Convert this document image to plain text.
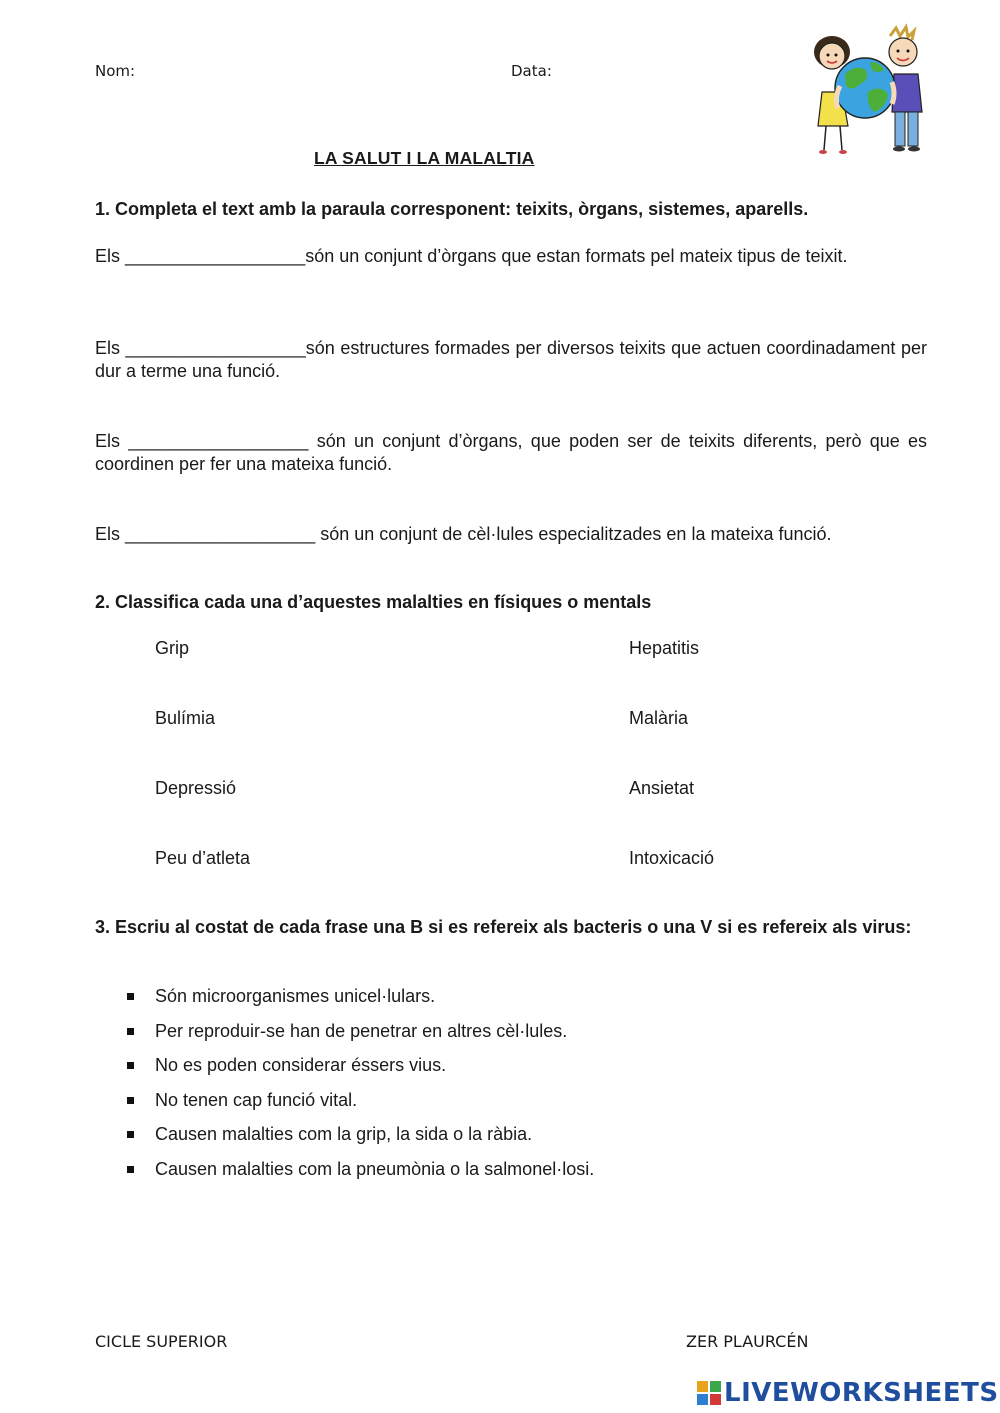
Nom:	Data:
LA SALUT I LA MALALTIA
1. Completa el text amb la paraula corresponent: teixits, òrgans, sistemes, aparells.
Els __________________són un conjunt d’òrgans que estan formats pel mateix tipus de teixit.
Els __________________són estructures formades per diversos teixits que actuen coordinadament per dur a terme una funció.
Els __________________ són un conjunt d’òrgans, que poden ser de teixits diferents, però que es coordinen per fer una mateixa funció.
Els ___________________ són un conjunt de cèl·lules especialitzades en la mateixa funció.
2. Classifica cada una d’aquestes malalties en físiques o mentals
Grip
Bulímia
Depressió
Peu d’atleta
Hepatitis
Malària
Ansietat
Intoxicació
3. Escriu al costat de cada frase una B si es refereix als bacteris o una V si es refereix als virus:
Són microorganismes unicel·lulars.
Per reproduir-se han de penetrar en altres cèl·lules.
No es poden considerar éssers vius.
No tenen cap funció vital.
Causen malalties com la grip, la sida o la ràbia.
Causen malalties com la pneumònia o la salmonel·losi.
CICLE SUPERIOR	ZER PLAURCÉN
LIVEWORKSHEETS
